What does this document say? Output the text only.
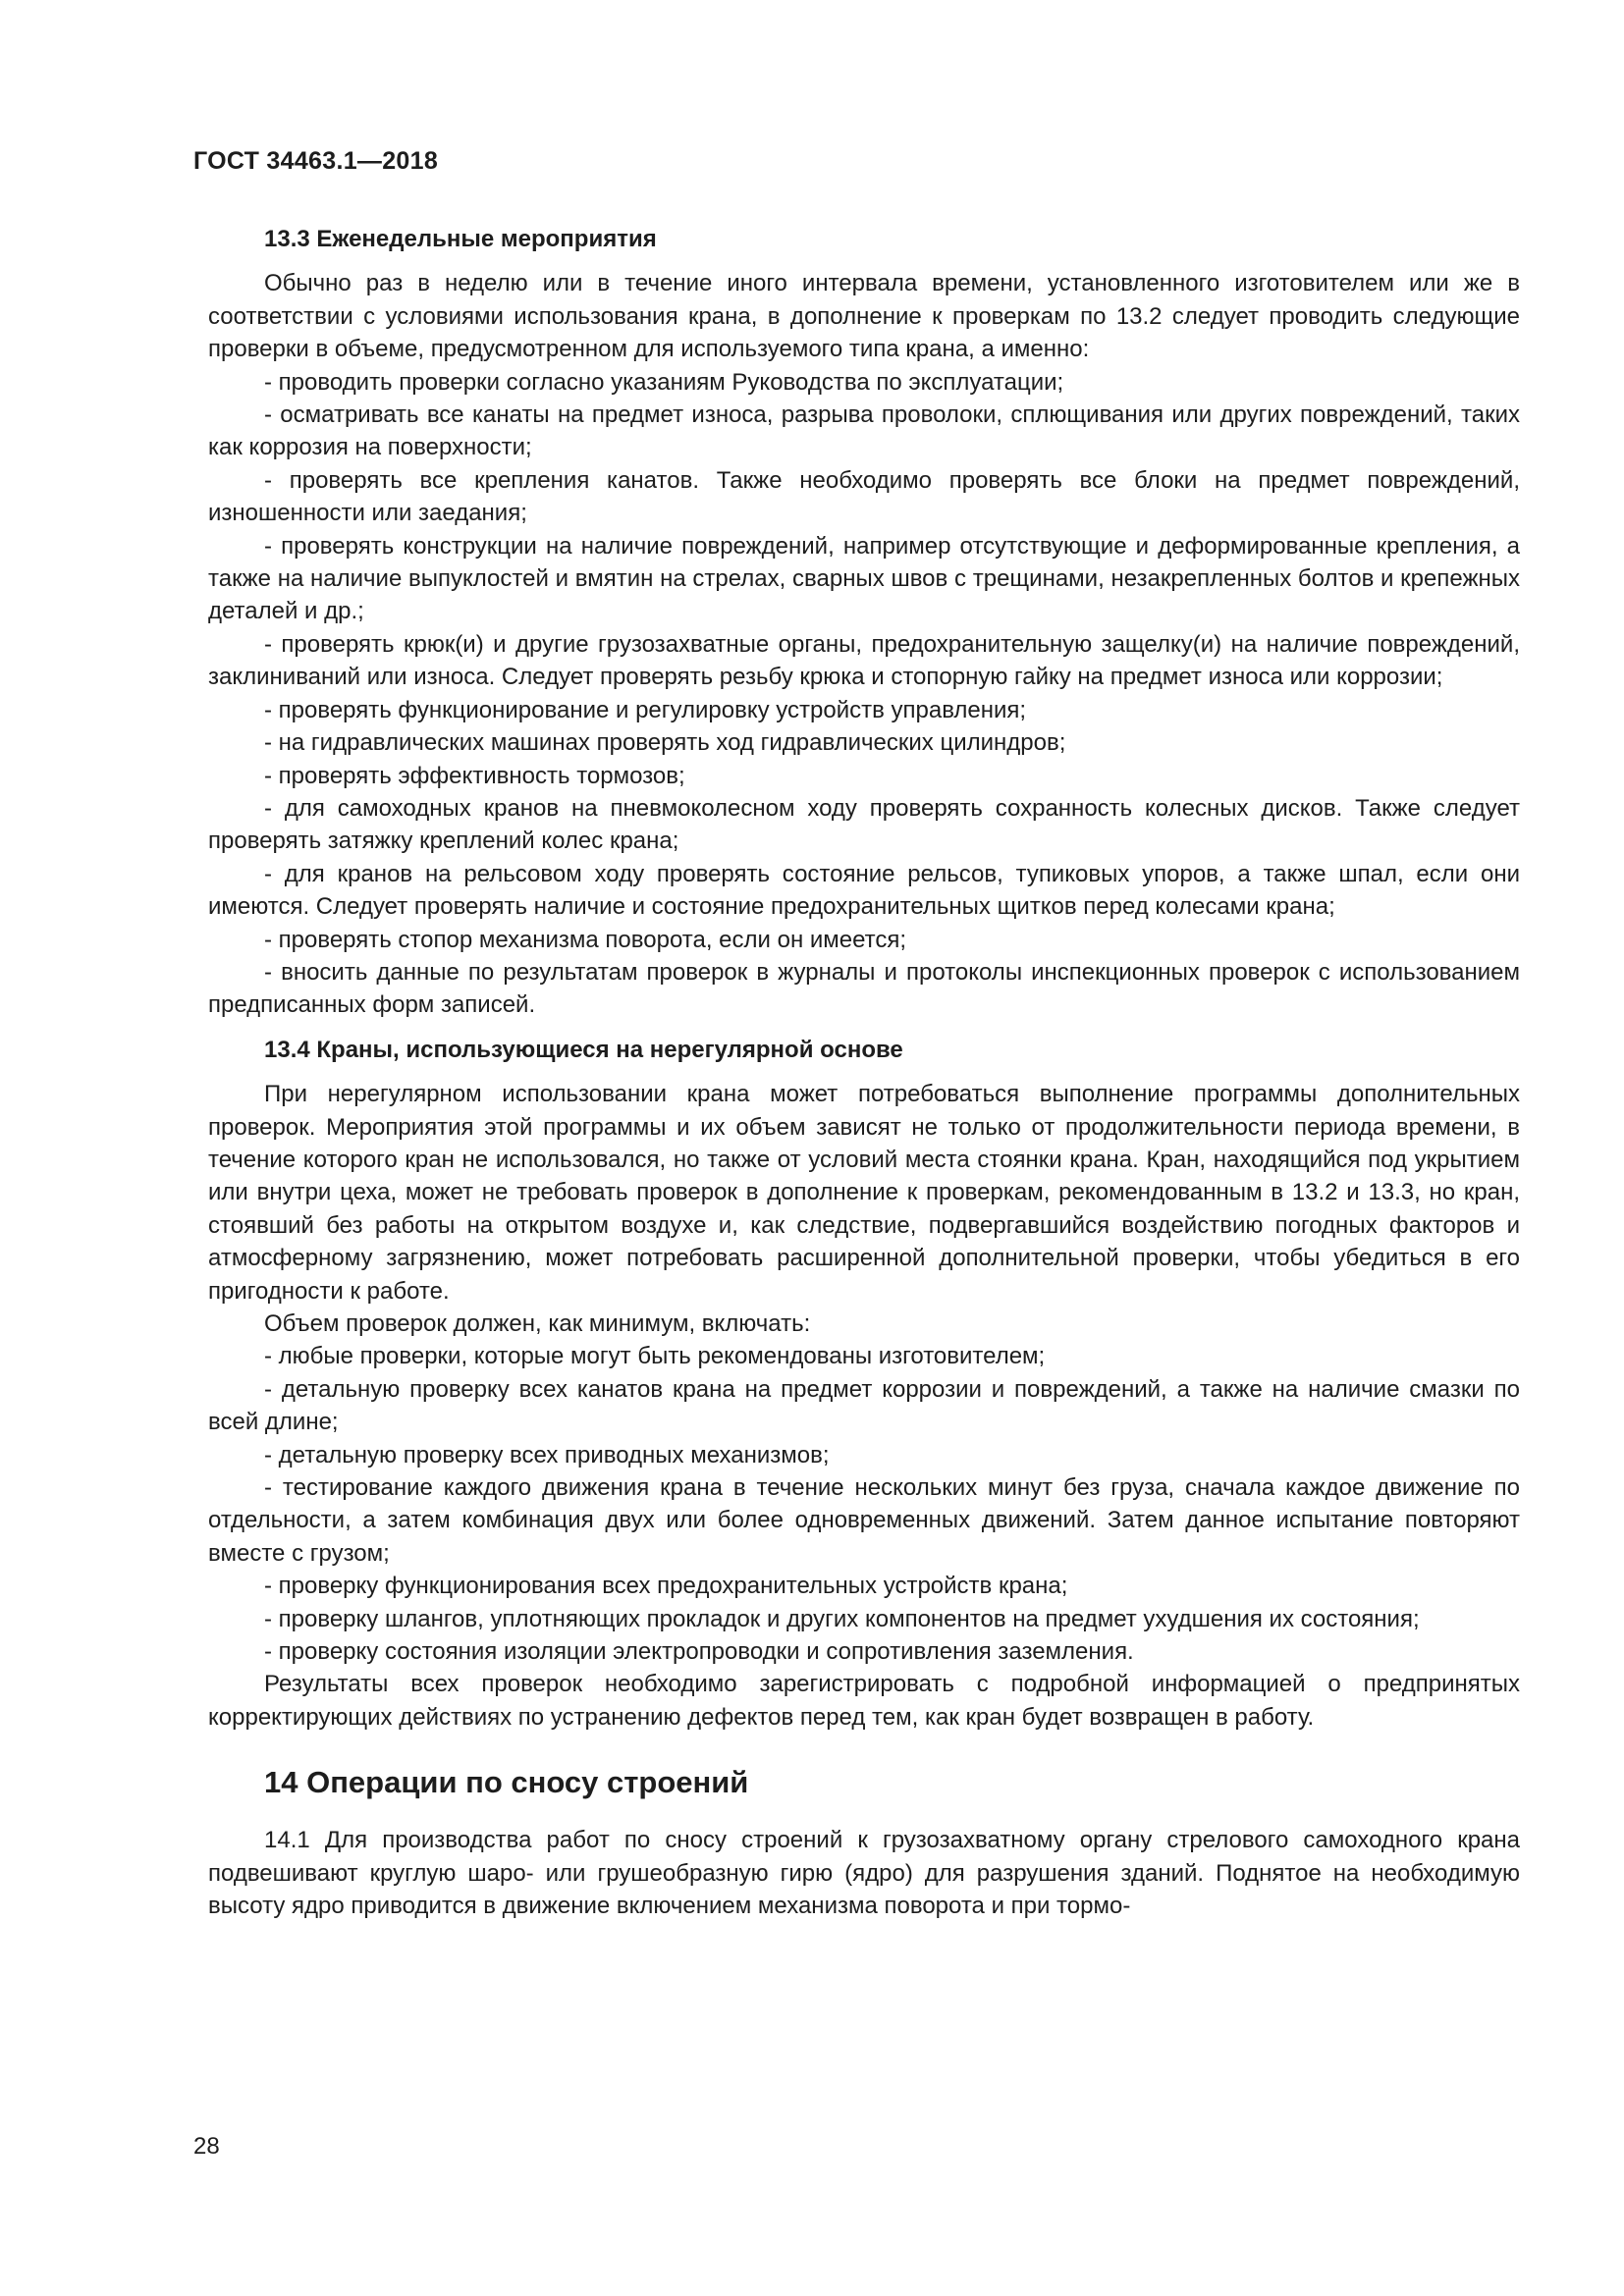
ГОСТ 34463.1—2018
13.3 Еженедельные мероприятия

Обычно раз в неделю или в течение иного интервала времени, установленного изготовителем или же в соответствии с условиями использования крана, в дополнение к проверкам по 13.2 следует проводить следующие проверки в объеме, предусмотренном для используемого типа крана, а именно:

- проводить проверки согласно указаниям Руководства по эксплуатации;

- осматривать все канаты на предмет износа, разрыва проволоки, сплющивания или других повреждений, таких как коррозия на поверхности;

- проверять все крепления канатов. Также необходимо проверять все блоки на предмет повреждений, изношенности или заедания;

- проверять конструкции на наличие повреждений, например отсутствующие и деформированные крепления, а также на наличие выпуклостей и вмятин на стрелах, сварных швов с трещинами, незакрепленных болтов и крепежных деталей и др.;

- проверять крюк(и) и другие грузозахватные органы, предохранительную защелку(и) на наличие повреждений, заклиниваний или износа. Следует проверять резьбу крюка и стопорную гайку на предмет износа или коррозии;

- проверять функционирование и регулировку устройств управления;

- на гидравлических машинах проверять ход гидравлических цилиндров;

- проверять эффективность тормозов;

- для самоходных кранов на пневмоколесном ходу проверять сохранность колесных дисков. Также следует проверять затяжку креплений колес крана;

- для кранов на рельсовом ходу проверять состояние рельсов, тупиковых упоров, а также шпал, если они имеются. Следует проверять наличие и состояние предохранительных щитков перед колесами крана;

- проверять стопор механизма поворота, если он имеется;

- вносить данные по результатам проверок в журналы и протоколы инспекционных проверок с использованием предписанных форм записей.

13.4 Краны, использующиеся на нерегулярной основе

При нерегулярном использовании крана может потребоваться выполнение программы дополнительных проверок. Мероприятия этой программы и их объем зависят не только от продолжительности периода времени, в течение которого кран не использовался, но также от условий места стоянки крана. Кран, находящийся под укрытием или внутри цеха, может не требовать проверок в дополнение к проверкам, рекомендованным в 13.2 и 13.3, но кран, стоявший без работы на открытом воздухе и, как следствие, подвергавшийся воздействию погодных факторов и атмосферному загрязнению, может потребовать расширенной дополнительной проверки, чтобы убедиться в его пригодности к работе.

Объем проверок должен, как минимум, включать:

- любые проверки, которые могут быть рекомендованы изготовителем;

- детальную проверку всех канатов крана на предмет коррозии и повреждений, а также на наличие смазки по всей длине;

- детальную проверку всех приводных механизмов;

- тестирование каждого движения крана в течение нескольких минут без груза, сначала каждое движение по отдельности, а затем комбинация двух или более одновременных движений. Затем данное испытание повторяют вместе с грузом;

- проверку функционирования всех предохранительных устройств крана;

- проверку шлангов, уплотняющих прокладок и других компонентов на предмет ухудшения их состояния;

- проверку состояния изоляции электропроводки и сопротивления заземления.

Результаты всех проверок необходимо зарегистрировать с подробной информацией о предпринятых корректирующих действиях по устранению дефектов перед тем, как кран будет возвращен в работу.

14 Операции по сносу строений

14.1 Для производства работ по сносу строений к грузозахватному органу стрелового самоходного крана подвешивают круглую шаро- или грушеобразную гирю (ядро) для разрушения зданий. Поднятое на необходимую высоту ядро приводится в движение включением механизма поворота и при тормо-

28
